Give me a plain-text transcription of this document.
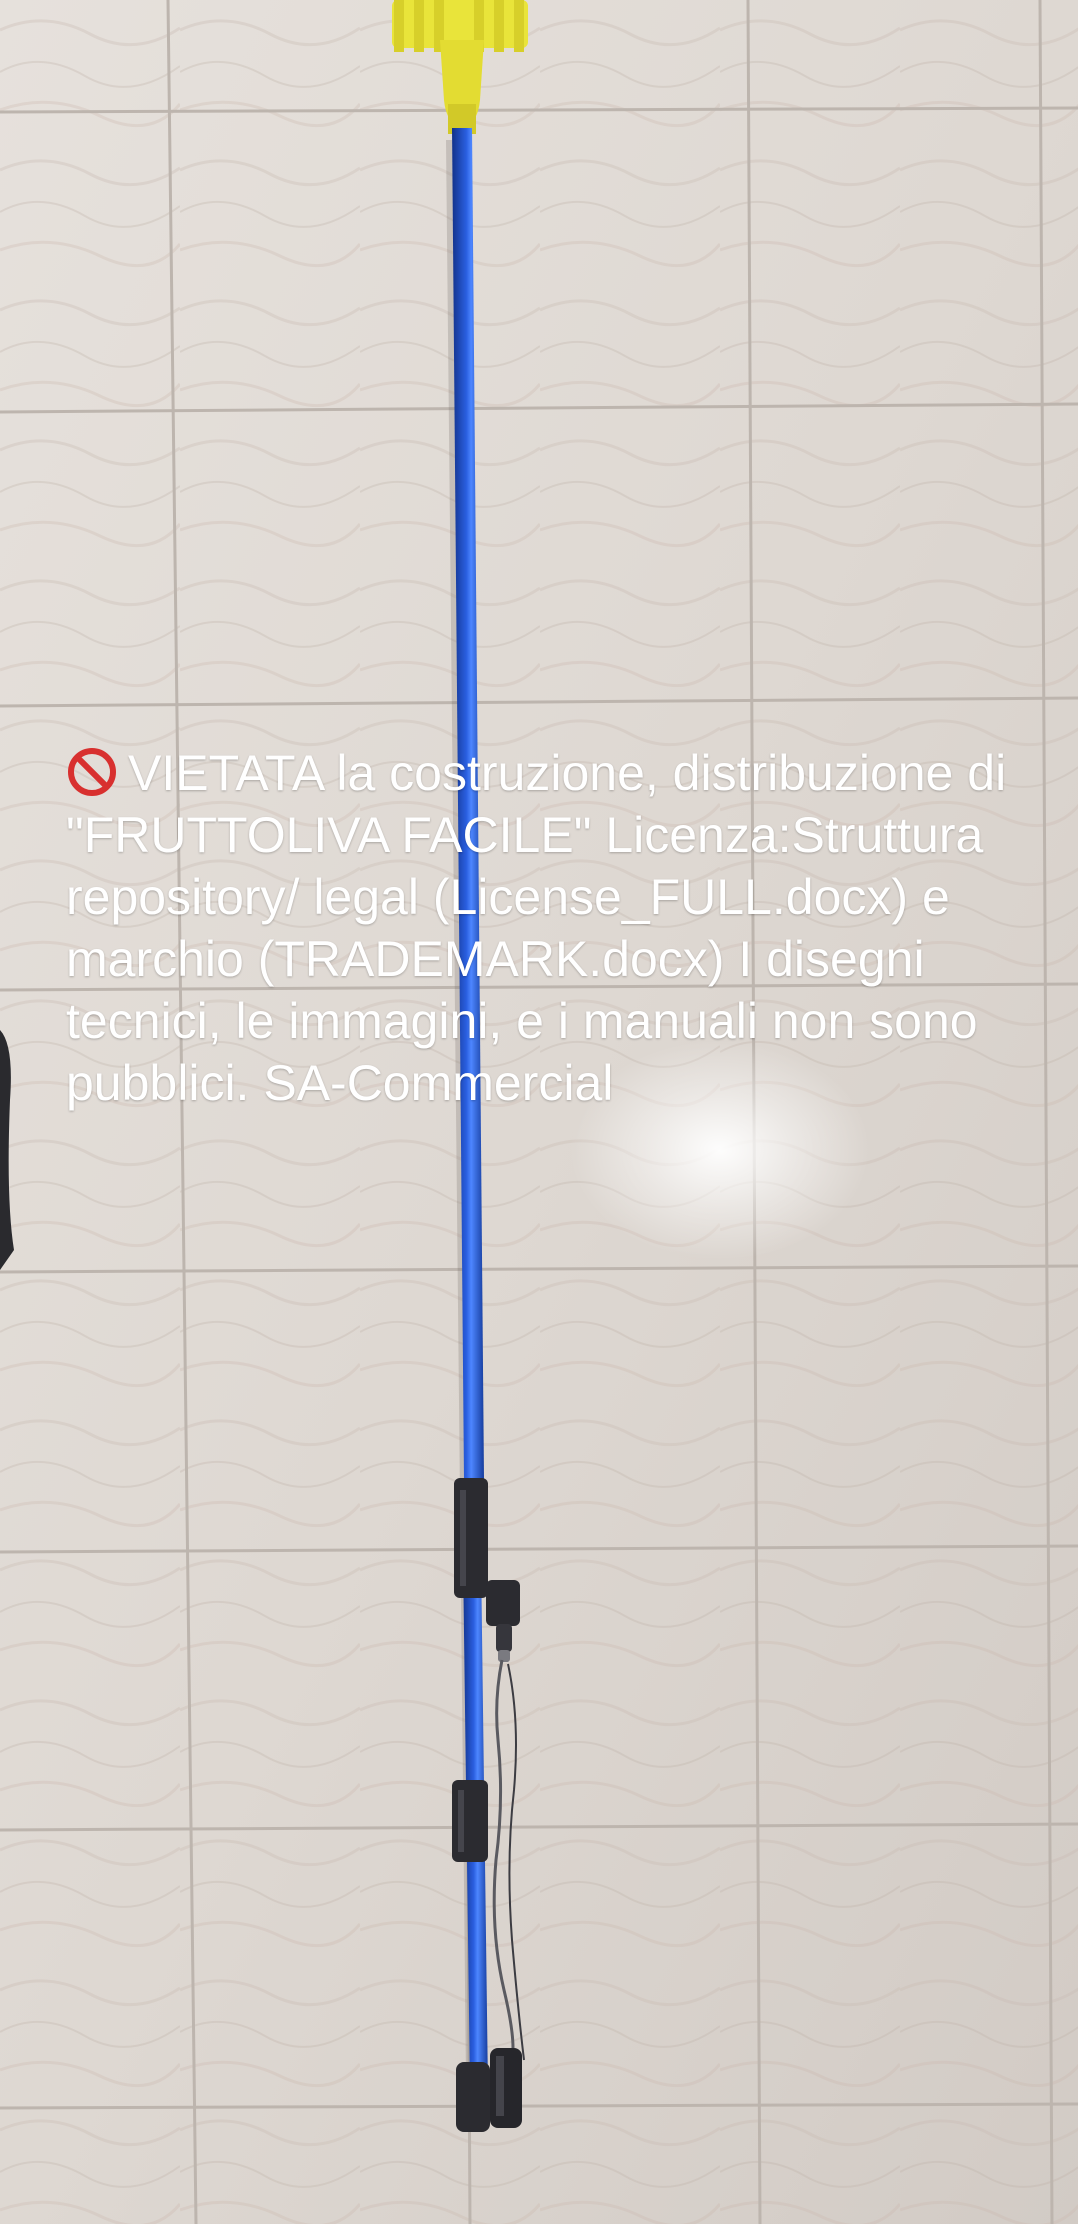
VIETATA la costruzione, distribuzione di "FRUTTOLIVA FACILE" Licenza:Struttura repository/ legal (License_FULL.docx) e marchio (TRADEMARK.docx) I disegni tecnici, le immagini, e i manuali non sono pubblici. SA-Commercial
